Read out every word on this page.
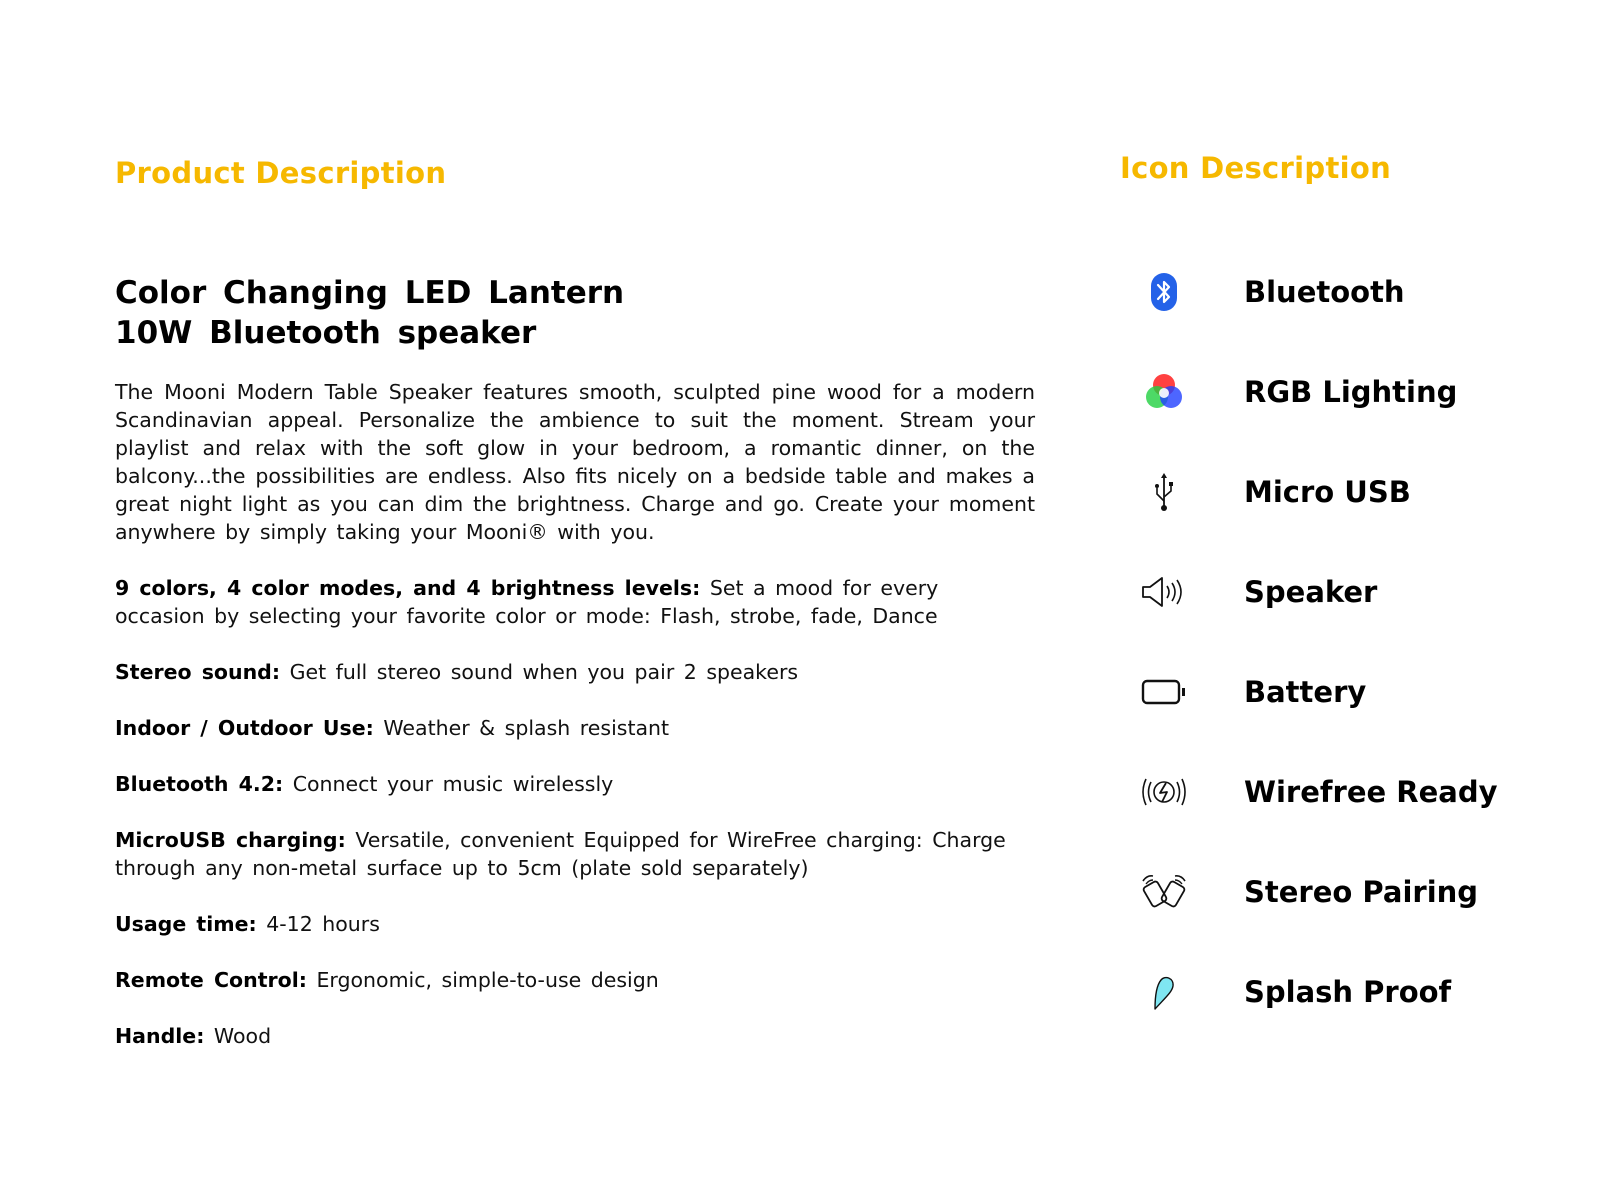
Product Description
Color Changing LED Lantern
10W Bluetooth speaker

The Mooni Modern Table Speaker features smooth, sculpted pine wood for a modern Scandinavian appeal. Personalize the ambience to suit the moment. Stream your playlist and relax with the soft glow in your bedroom, a romantic dinner, on the balcony...the possibilities are endless. Also fits nicely on a bedside table and makes a great night light as you can dim the brightness. Charge and go. Create your moment anywhere by simply taking your Mooni® with you.

9 colors, 4 color modes, and 4 brightness levels: Set a mood for every occasion by selecting your favorite color or mode: Flash, strobe, fade, Dance

Stereo sound: Get full stereo sound when you pair 2 speakers

Indoor / Outdoor Use: Weather & splash resistant

Bluetooth 4.2: Connect your music wirelessly

MicroUSB charging: Versatile, convenient Equipped for WireFree charging: Charge through any non-metal surface up to 5cm (plate sold separately)

Usage time: 4-12 hours

Remote Control: Ergonomic, simple-to-use design

Handle: Wood

Icon Description
Bluetooth
RGB Lighting
Micro USB
Speaker
Battery
Wirefree Ready
Stereo Pairing
Splash Proof
